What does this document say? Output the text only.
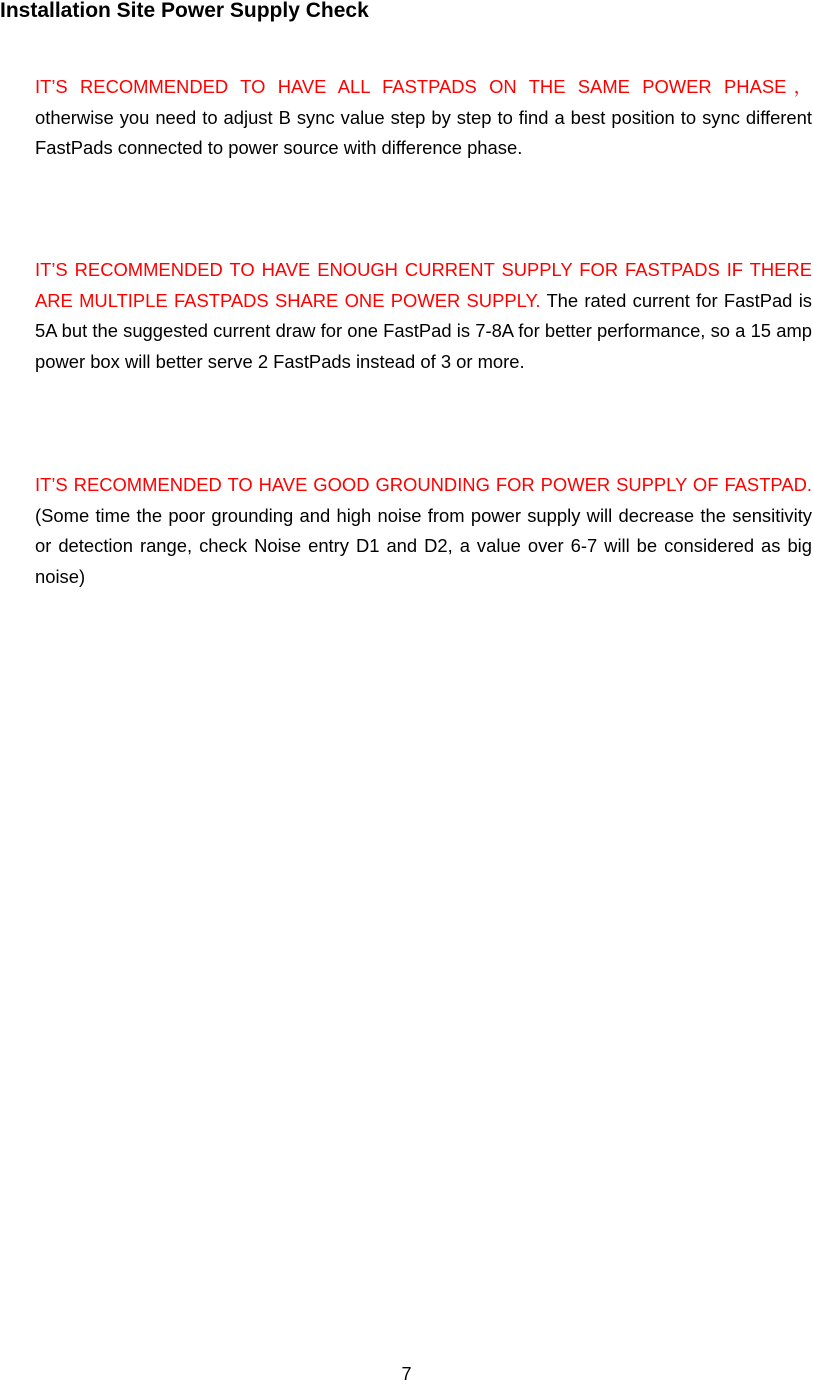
Installation Site Power Supply Check

IT’S RECOMMENDED TO HAVE ALL FASTPADS ON THE SAME POWER PHASE， otherwise you need to adjust B sync value step by step to find a best position to sync different FastPads connected to power source with difference phase.

IT’S RECOMMENDED TO HAVE ENOUGH CURRENT SUPPLY FOR FASTPADS IF THERE ARE MULTIPLE FASTPADS SHARE ONE POWER SUPPLY. The rated current for FastPad is 5A but the suggested current draw for one FastPad is 7-8A for better performance, so a 15 amp power box will better serve 2 FastPads instead of 3 or more.

IT’S RECOMMENDED TO HAVE GOOD GROUNDING FOR POWER SUPPLY OF FASTPAD. (Some time the poor grounding and high noise from power supply will decrease the sensitivity or detection range, check Noise entry D1 and D2, a value over 6-7 will be considered as big noise)

7
